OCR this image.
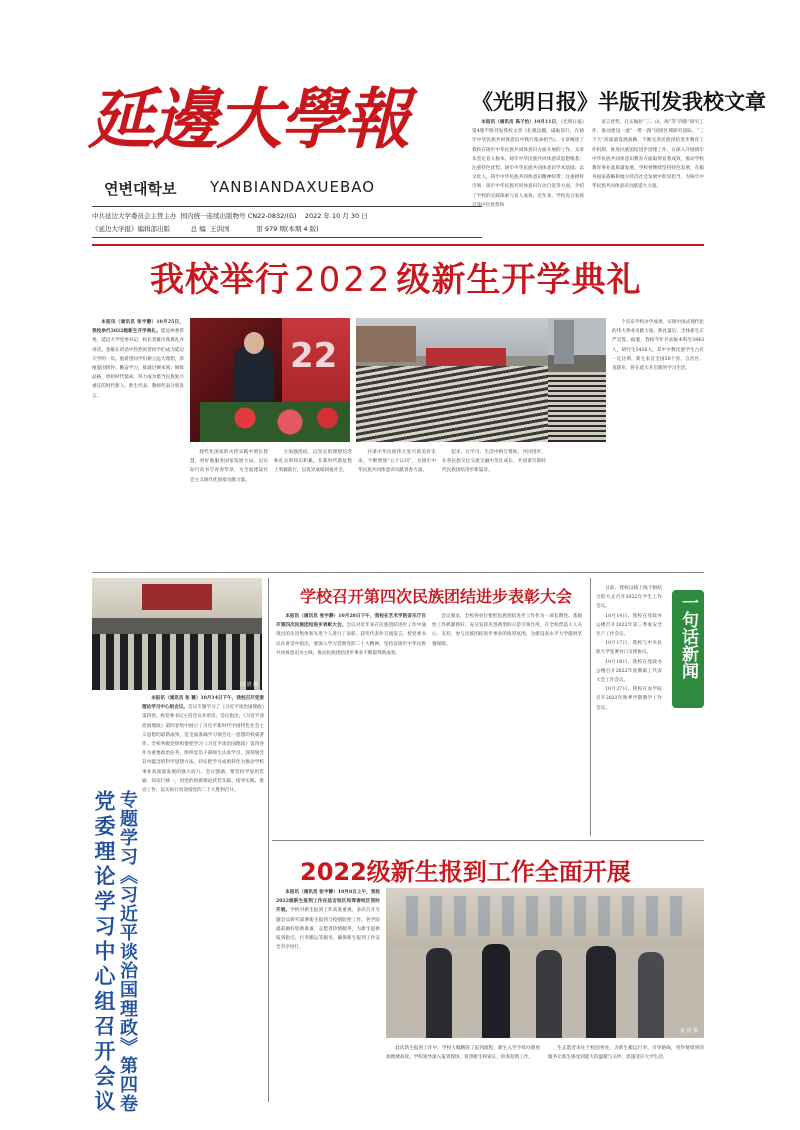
延邊大學報
연변대학보 YANBIANDAXUEBAO
中共延边大学委员会主管主办 国内统一连续出版物号 CN22-0832/(G) 2022 年 10 月 30 日
《延边大学报》编辑部出版	总 编 王洪国	第 979 期(本期 4 版)
《光明日报》半版刊发我校文章

本报讯（通讯员 高子怡）10月11日，《光明日报》第4版半版刊发我校文章《扎根边疆，砥砺前行，在铸牢中华民族共同体意识中践行使命担当》。文章阐述了我校在铸牢中华民族共同体意识方面开展的工作。文章从坚定育人根本、铸牢中华民族共同体意识思想根基；注重特色优势，铸牢中华民族共同体意识学术基础；以文化人，铸牢中华民族共同体意识精神纽带；注重榜样引领，铸牢中华民族共同体意识行动自觉等方面，介绍了学校的实践探索与育人成效。近年来，学校充分发挥自身区位优势和

语言优势，扎实做好“三、山、海”等“四新”研究工作，推动建设一流“一带一路”国别区域研究团队，“三个大”高质量发展战略，不断完善民族团结进步教育工作机制，推进民族团结进步创建工作，在深入开展铸牢中华民族共同体意识教育方面取得显著成效，推动学校教育事业高质量发展。学校将继续坚持特色发展，在服务国家战略和地方经济社会发展中彰显担当，为铸牢中华民族共同体意识贡献延大力量。

我校举行 2022 级新生开学典礼

本报讯（通讯员 张宇静）10月25日，我校举行2022级新生开学典礼。延边州委常委、延边大学党委书记、校长金雄出席典礼并讲话。金雄在讲话中热烈祝贺同学们成为延边大学的一员。他希望同学们树立远大理想，厚植爱国情怀；勤奋学习，练就过硬本领；锤炼品格，勇担时代使命，努力成为堪当民族复兴重任的时代新人。新生代表、教师代表分别发言。

22

现代化国家的火热实践中增长智慧，更好地服务国家发展大局，以实际行动书写青春华章，为全面建设社会主义现代化国家贡献力量。

力加强团结，以坚定的理想信念和扎实的知识积累，在新时代新征程上勇毅前行，以优异成绩回报社会。

共谋中华民族伟大复兴的美好未来，不断增强“五个认同”，为铸牢中华民族共同体意识贡献青春力量。

起来，在学习、生活中相互帮助、共同进步，在各民族交往交流交融中茁壮成长，共同谱写新时代民族团结进步新篇章。

个宣布学校办学成果，实现中国式现代化的伟大事业贡献力量。典礼最后，全体新生庄严宣誓。据悉，我校今年共录取本科生5843人，研究生3416人，其中少数民族学生占有一定比例。新生来自全国30个省、自治区、直辖市，将在延大开启新的学习生活。

刘 清 摄
专题学习《习近平谈治国理政》第四卷
党委理论学习中心组召开会议

本报讯（通讯员 张 薇）10月14日下午，我校召开党委理论学习中心组会议。会议专题学习了《习近平谈治国理政》第四卷。校党委书记主持会议并讲话。会议指出，《习近平谈治国理政》第四卷集中展示了习近平新时代中国特色社会主义思想的最新成果，是全面准确学习领会这一思想的权威著作。全校各级党组织要把学习《习近平谈治国理政》第四卷作为重要政治任务，组织党员干部师生认真学习，深刻领会其中蕴含的科学思想方法，切实把学习成果转化为推动学校事业高质量发展的强大动力。会议强调，要坚持学思用贯通、知信行统一，用党的创新理论武装头脑、指导实践、推动工作，以实际行动迎接党的二十大胜利召开。

学校召开第四次民族团结进步表彰大会

本报讯（通讯员 张宇静）10月28日下午，我校在艺术学院音乐厅召开第四次民族团结进步表彰大会。会议对近年来在民族团结进步工作中涌现出的先进集体和先进个人进行了表彰。获奖代表作交流发言。校党委书记在讲话中指出，要深入学习贯彻党的二十大精神，坚持以铸牢中华民族共同体意识为主线，推动民族团结进步事业不断取得新成效。

会议要求，全校各单位要把民族团结进步工作作为一项长期性、基础性工作抓紧抓好，充分发挥先进典型的示范引领作用，在全校营造人人关心、支持、参与民族团结进步事业的浓厚氛围，为建设高水平大学提供坚强保障。

日前，我校以线上线下相结合的方式召开2022年学生工作会议。

10月14日，我校在党政办公楼召开2022年第三季度安全生产工作会议。

10月17日，我校与中央民族大学签署对口支援协议。

10月18日，我校在党政办公楼召开2022年度教职工代表大会工作会议。

10月27日，我校在农学院召开2022年秋季学期教学工作会议。

一句话新闻
2022级新生报到工作全面开展

本报讯（通讯员 张宇静）10月8日上午，我校2022级新生报到工作在延吉校区和珲春校区同时开展。学校对新生报到工作高度重视，多次召开专题会议研究部署新生报到与疫情防控工作。各学院提前做好迎新准备，志愿者热情服务，为新生提供报到指引、行李搬运等服务，确保新生报到工作安全有序进行。

姜 涛 摄

此次新生报到工作中，学校大幅精简了报到流程，新生入学手续办理更加便捷高效。学校领导深入报到现场，看望新生和家长，检查迎新工作。

生志愿者来往于校园各处，为新生搬运行李、引导路线，用热情周到的服务让新生感受到延大的温暖与关怀，迅速适应大学生活。
